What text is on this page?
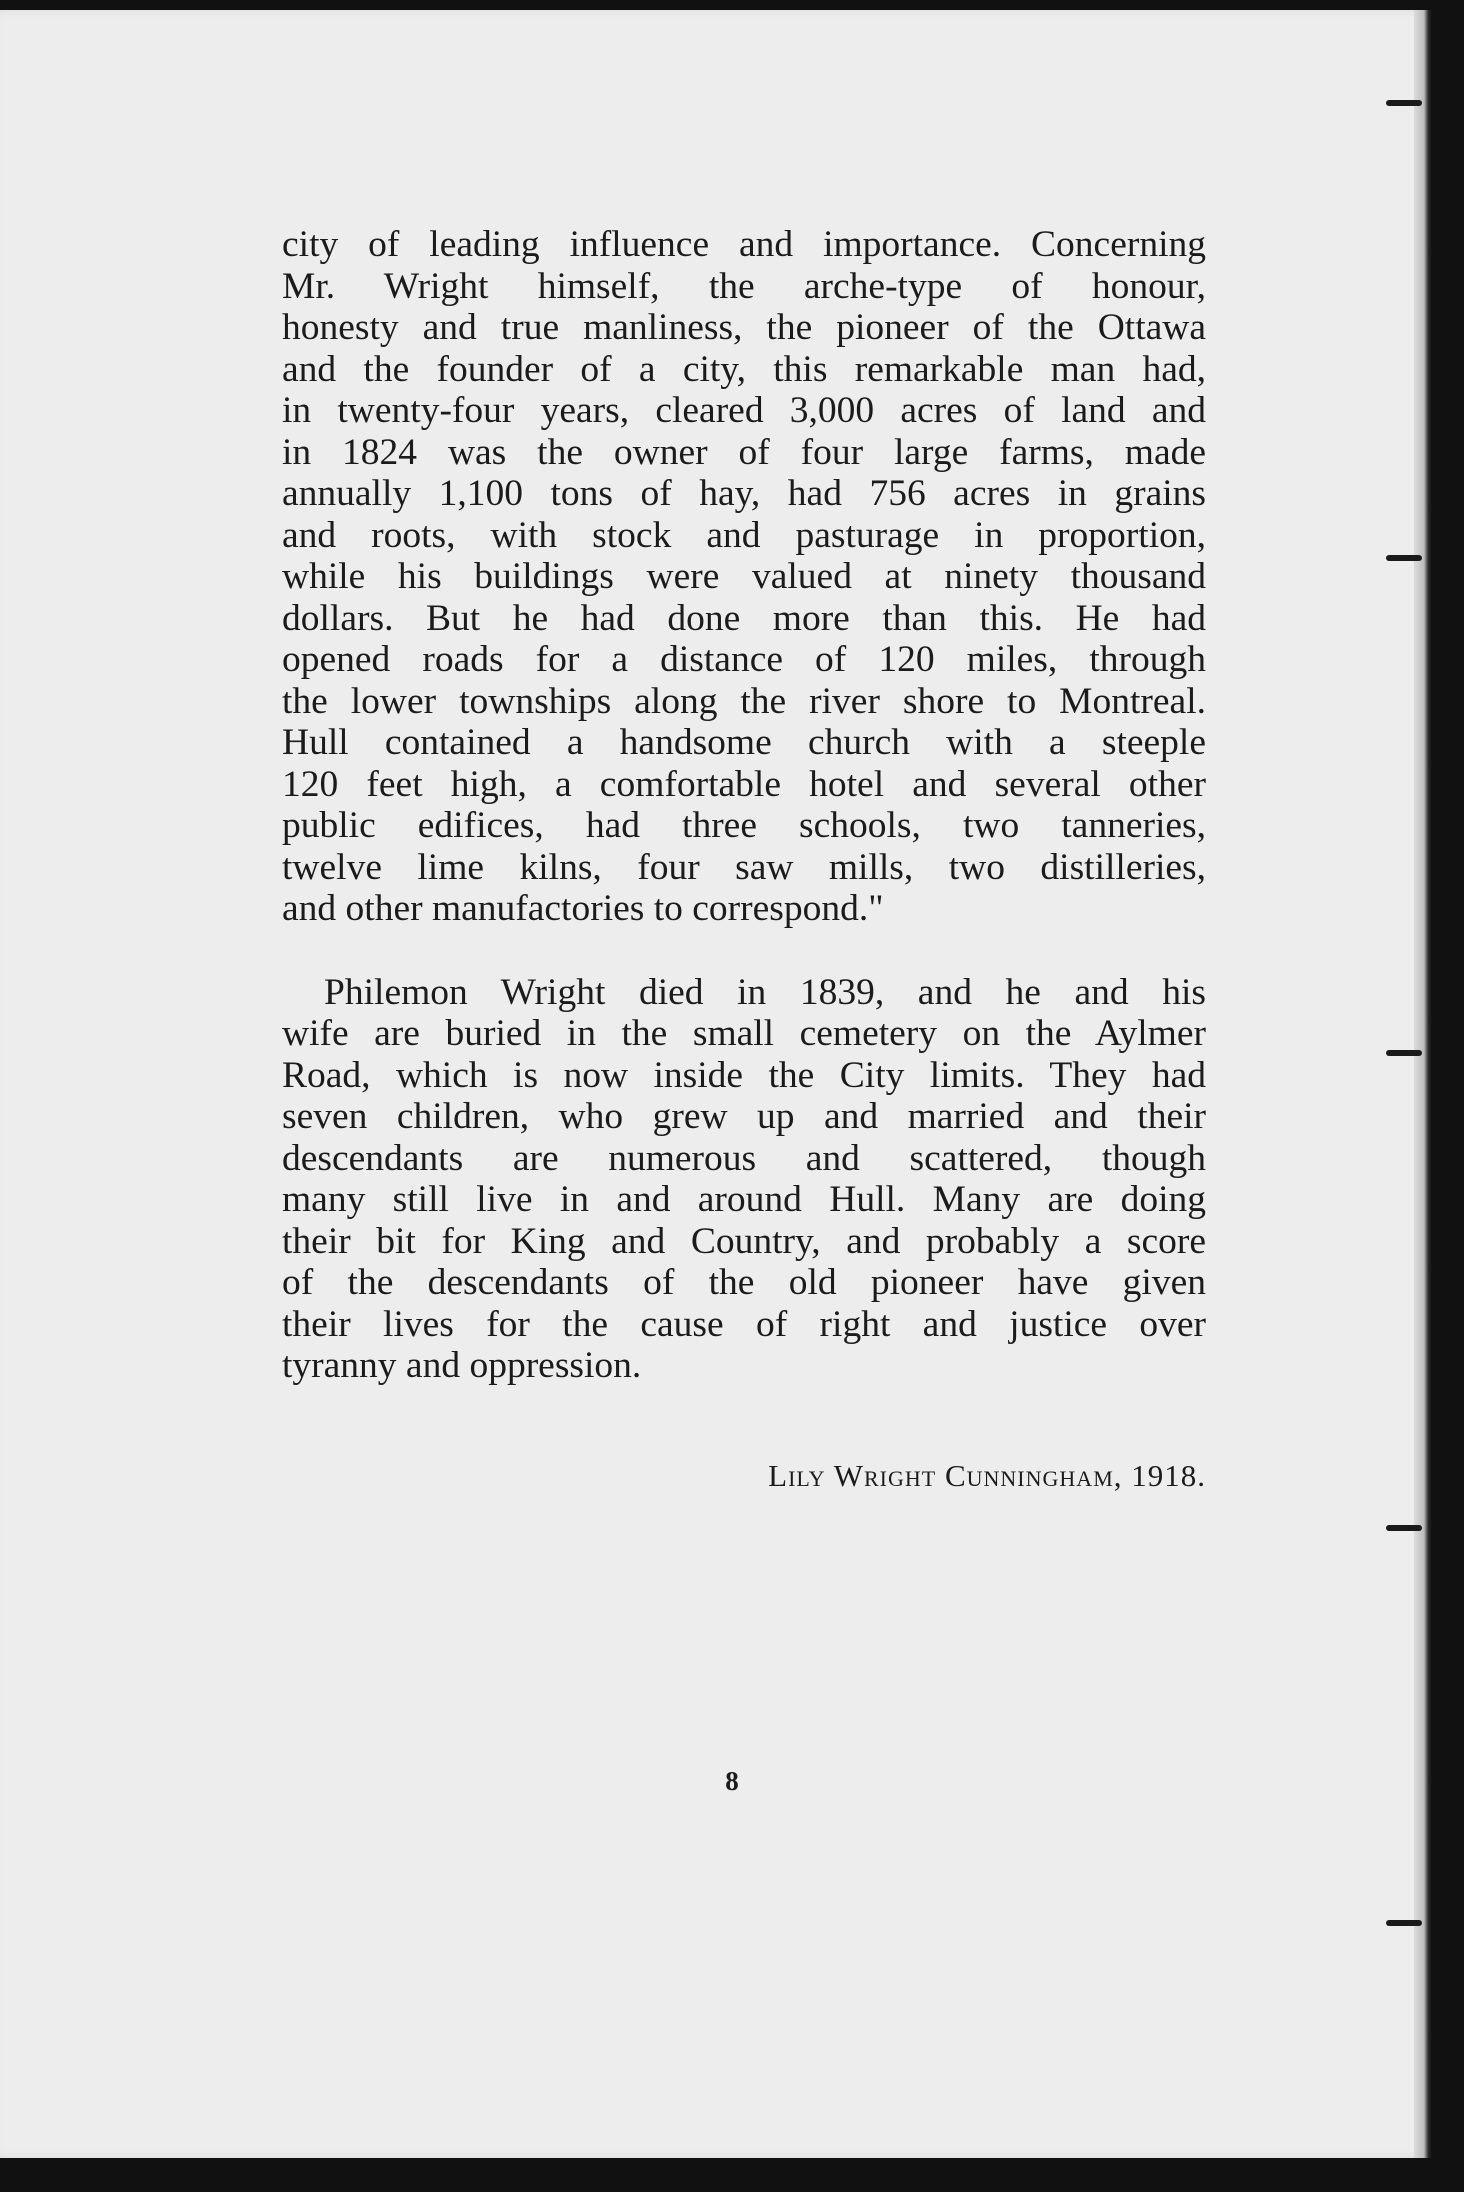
city of leading influence and importance. Concerning
Mr. Wright himself, the arche-type of honour,
honesty and true manliness, the pioneer of the Ottawa
and the founder of a city, this remarkable man had,
in twenty-four years, cleared 3,000 acres of land and
in 1824 was the owner of four large farms, made
annually 1,100 tons of hay, had 756 acres in grains
and roots, with stock and pasturage in proportion,
while his buildings were valued at ninety thousand
dollars. But he had done more than this. He had
opened roads for a distance of 120 miles, through
the lower townships along the river shore to Montreal.
Hull contained a handsome church with a steeple
120 feet high, a comfortable hotel and several other
public edifices, had three schools, two tanneries,
twelve lime kilns, four saw mills, two distilleries,
and other manufactories to correspond."
Philemon Wright died in 1839, and he and his
wife are buried in the small cemetery on the Aylmer
Road, which is now inside the City limits. They had
seven children, who grew up and married and their
descendants are numerous and scattered, though
many still live in and around Hull. Many are doing
their bit for King and Country, and probably a score
of the descendants of the old pioneer have given
their lives for the cause of right and justice over
tyranny and oppression.
Lily Wright Cunningham, 1918.
8
